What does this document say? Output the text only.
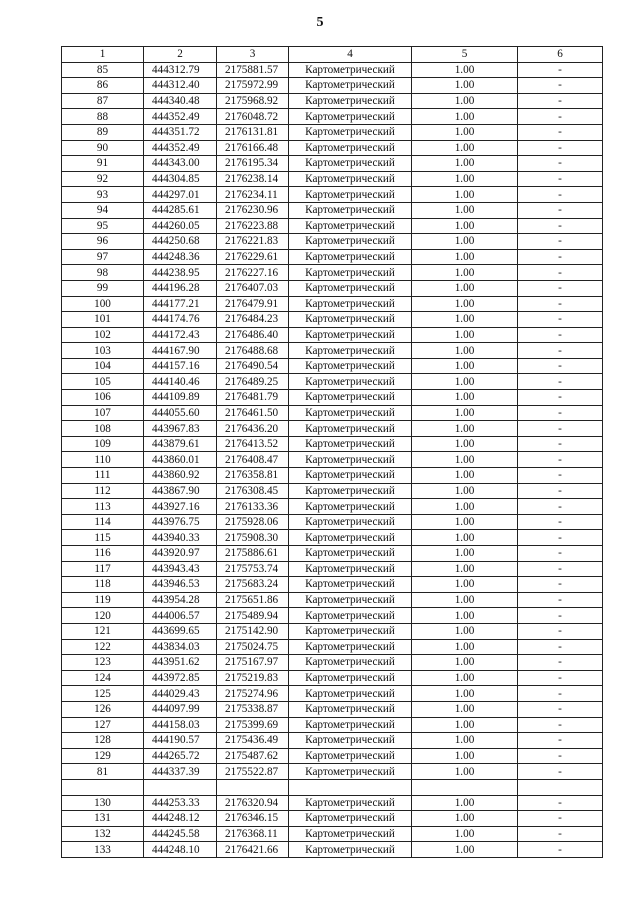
5
1	2	3	4	5	6
85	444312.79	2175881.57	Картометрический	1.00	-
86	444312.40	2175972.99	Картометрический	1.00	-
87	444340.48	2175968.92	Картометрический	1.00	-
88	444352.49	2176048.72	Картометрический	1.00	-
89	444351.72	2176131.81	Картометрический	1.00	-
90	444352.49	2176166.48	Картометрический	1.00	-
91	444343.00	2176195.34	Картометрический	1.00	-
92	444304.85	2176238.14	Картометрический	1.00	-
93	444297.01	2176234.11	Картометрический	1.00	-
94	444285.61	2176230.96	Картометрический	1.00	-
95	444260.05	2176223.88	Картометрический	1.00	-
96	444250.68	2176221.83	Картометрический	1.00	-
97	444248.36	2176229.61	Картометрический	1.00	-
98	444238.95	2176227.16	Картометрический	1.00	-
99	444196.28	2176407.03	Картометрический	1.00	-
100	444177.21	2176479.91	Картометрический	1.00	-
101	444174.76	2176484.23	Картометрический	1.00	-
102	444172.43	2176486.40	Картометрический	1.00	-
103	444167.90	2176488.68	Картометрический	1.00	-
104	444157.16	2176490.54	Картометрический	1.00	-
105	444140.46	2176489.25	Картометрический	1.00	-
106	444109.89	2176481.79	Картометрический	1.00	-
107	444055.60	2176461.50	Картометрический	1.00	-
108	443967.83	2176436.20	Картометрический	1.00	-
109	443879.61	2176413.52	Картометрический	1.00	-
110	443860.01	2176408.47	Картометрический	1.00	-
111	443860.92	2176358.81	Картометрический	1.00	-
112	443867.90	2176308.45	Картометрический	1.00	-
113	443927.16	2176133.36	Картометрический	1.00	-
114	443976.75	2175928.06	Картометрический	1.00	-
115	443940.33	2175908.30	Картометрический	1.00	-
116	443920.97	2175886.61	Картометрический	1.00	-
117	443943.43	2175753.74	Картометрический	1.00	-
118	443946.53	2175683.24	Картометрический	1.00	-
119	443954.28	2175651.86	Картометрический	1.00	-
120	444006.57	2175489.94	Картометрический	1.00	-
121	443699.65	2175142.90	Картометрический	1.00	-
122	443834.03	2175024.75	Картометрический	1.00	-
123	443951.62	2175167.97	Картометрический	1.00	-
124	443972.85	2175219.83	Картометрический	1.00	-
125	444029.43	2175274.96	Картометрический	1.00	-
126	444097.99	2175338.87	Картометрический	1.00	-
127	444158.03	2175399.69	Картометрический	1.00	-
128	444190.57	2175436.49	Картометрический	1.00	-
129	444265.72	2175487.62	Картометрический	1.00	-
81	444337.39	2175522.87	Картометрический	1.00	-

130	444253.33	2176320.94	Картометрический	1.00	-
131	444248.12	2176346.15	Картометрический	1.00	-
132	444245.58	2176368.11	Картометрический	1.00	-
133	444248.10	2176421.66	Картометрический	1.00	-
